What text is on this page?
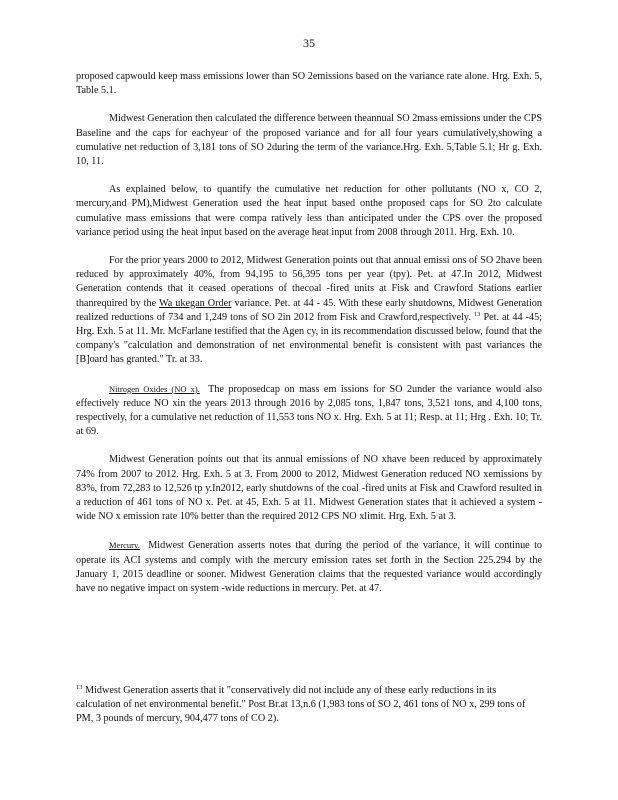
35

proposed capwould keep mass emissions lower than SO 2emissions based on the variance rate alone. Hrg. Exh. 5, Table 5.1.

Midwest Generation then calculated the difference between theannual SO 2mass emissions under the CPS Baseline and the caps for eachyear of the proposed variance and for all four years cumulatively,showing a cumulative net reduction of 3,181 tons of SO 2during the term of the variance.Hrg. Exh. 5,Table 5.1; Hr g. Exh. 10, 11.

As explained below, to quantify the cumulative net reduction for other pollutants (NO x, CO 2, mercury,and PM),Midwest Generation used the heat input based onthe proposed caps for SO 2to calculate cumulative mass emissions that were compa ratively less than anticipated under the CPS over the proposed variance period using the heat input based on the average heat input from 2008 through 2011. Hrg. Exh. 10.

For the prior years 2000 to 2012, Midwest Generation points out that annual emissi ons of SO 2have been reduced by approximately 40%, from 94,195 to 56,395 tons per year (tpy). Pet. at 47.In 2012, Midwest Generation contends that it ceased operations of thecoal -fired units at Fisk and Crawford Stations earlier thanrequired by the Wa ukegan Order variance. Pet. at 44 - 45. With these early shutdowns, Midwest Generation realized reductions of 734 and 1,249 tons of SO 2in 2012 from Fisk and Crawford,respectively. $^{13}$ Pet. at 44 -45; Hrg. Exh. 5 at 11. Mr. McFarlane testified that the Agen cy, in its recommendation discussed below, found that the company's "calculation and demonstration of net environmental benefit is consistent with past variances the [B]oard has granted." Tr. at 33.

Nitrogen Oxides (NO x). The proposedcap on mass em issions for SO 2under the variance would also effectively reduce NO xin the years 2013 through 2016 by 2,085 tons, 1,847 tons, 3,521 tons, and 4,100 tons, respectively, for a cumulative net reduction of 11,553 tons NO x. Hrg. Exh. 5 at 11; Resp. at 11; Hrg . Exh. 10; Tr. at 69.

Midwest Generation points out that its annual emissions of NO xhave been reduced by approximately 74% from 2007 to 2012. Hrg. Exh. 5 at 3. From 2000 to 2012, Midwest Generation reduced NO xemissions by 83%, from 72,283 to 12,526 tp y.In2012, early shutdowns of the coal -fired units at Fisk and Crawford resulted in a reduction of 461 tons of NO x. Pet. at 45, Exh. 5 at 11. Midwest Generation states that it achieved a system -wide NO x emission rate 10% better than the required 2012 CPS NO xlimit. Hrg. Exh. 5 at 3.

Mercury. Midwest Generation asserts notes that during the period of the variance, it will continue to operate its ACI systems and comply with the mercury emission rates set forth in the Section 225.294 by the January 1, 2015 deadline or sooner. Midwest Generation claims that the requested variance would accordingly have no negative impact on system -wide reductions in mercury. Pet. at 47.

$^{13}$ Midwest Generation asserts that it "conservatively did not include any of these early reductions in its calculation of net environmental benefit." Post Br.at 13,n.6 (1,983 tons of SO 2, 461 tons of NO x, 299 tons of PM, 3 pounds of mercury, 904,477 tons of CO 2).
